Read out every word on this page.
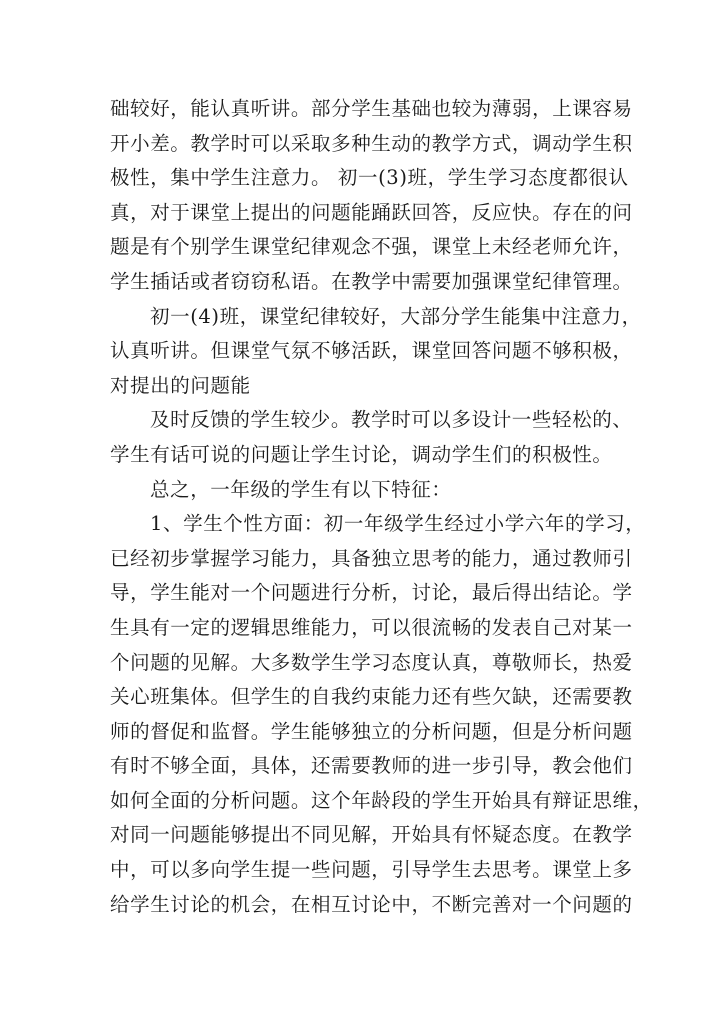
础较好，能认真听讲。部分学生基础也较为薄弱，上课容易
开小差。教学时可以采取多种生动的教学方式，调动学生积
极性，集中学生注意力。 初一(3)班，学生学习态度都很认
真，对于课堂上提出的问题能踊跃回答，反应快。存在的问
题是有个别学生课堂纪律观念不强，课堂上未经老师允许，
学生插话或者窃窃私语。在教学中需要加强课堂纪律管理。
初一(4)班，课堂纪律较好，大部分学生能集中注意力，
认真听讲。但课堂气氛不够活跃，课堂回答问题不够积极，
对提出的问题能
及时反馈的学生较少。教学时可以多设计一些轻松的、
学生有话可说的问题让学生讨论，调动学生们的积极性。
总之，一年级的学生有以下特征：
1、学生个性方面：初一年级学生经过小学六年的学习，
已经初步掌握学习能力，具备独立思考的能力，通过教师引
导，学生能对一个问题进行分析，讨论，最后得出结论。学
生具有一定的逻辑思维能力，可以很流畅的发表自己对某一
个问题的见解。大多数学生学习态度认真，尊敬师长，热爱
关心班集体。但学生的自我约束能力还有些欠缺，还需要教
师的督促和监督。学生能够独立的分析问题，但是分析问题
有时不够全面，具体，还需要教师的进一步引导，教会他们
如何全面的分析问题。这个年龄段的学生开始具有辩证思维，
对同一问题能够提出不同见解，开始具有怀疑态度。在教学
中，可以多向学生提一些问题，引导学生去思考。课堂上多
给学生讨论的机会，在相互讨论中，不断完善对一个问题的
